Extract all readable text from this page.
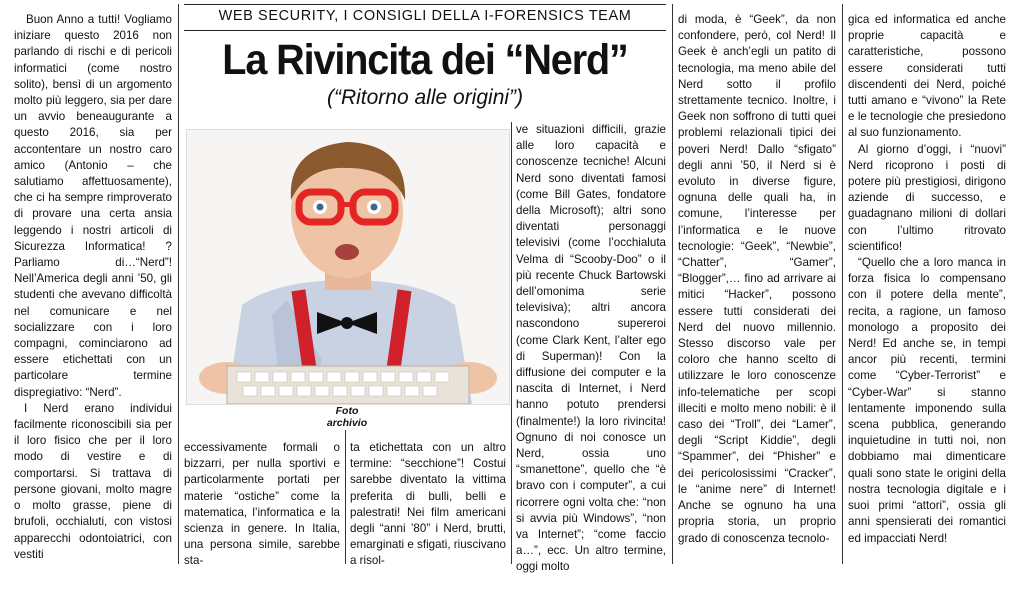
Buon Anno a tutti! Vogliamo iniziare questo 2016 non parlando di rischi e di pericoli informatici (come nostro solito), bensì di un argomento molto più leggero, sia per dare un avvio beneaugurante a questo 2016, sia per accontentare un nostro caro amico (Antonio – che salutiamo affettuosamente), che ci ha sempre rimproverato di provare una certa ansia leggendo i nostri articoli di Sicurezza Informatica! ? Parliamo di…“Nerd”! Nell’America degli anni ’50, gli studenti che avevano difficoltà nel comunicare e nel socializzare con i loro compagni, cominciarono ad essere etichettati con un particolare termine dispregiativo: “Nerd”.

I Nerd erano individui facilmente riconoscibili sia per il loro fisico che per il loro modo di vestire e di comportarsi. Si trattava di persone giovani, molto magre o molto grasse, piene di brufoli, occhialuti, con vistosi apparecchi odontoiatrici, con vestiti

WEB SECURITY, I CONSIGLI DELLA I-FORENSICS TEAM
La Rivincita dei “Nerd”
(“Ritorno alle origini”)
Foto
archivio

eccessivamente formali o bizzarri, per nulla sportivi e particolarmente portati per materie “ostiche” come la matematica, l’informatica e la scienza in genere. In Italia, una persona simile, sarebbe sta-

ta etichettata con un altro termine: “secchione”! Costui sarebbe diventato la vittima preferita di bulli, belli e palestrati! Nei film americani degli “anni ’80” i Nerd, brutti, emarginati e sfigati, riuscivano a risol-

ve situazioni difficili, grazie alle loro capacità e conoscenze tecniche! Alcuni Nerd sono diventati famosi (come Bill Gates, fondatore della Microsoft); altri sono diventati personaggi televisivi (come l’occhialuta Velma di “Scooby-Doo” o il più recente Chuck Bartowski dell’omonima serie televisiva); altri ancora nascondono supereroi (come Clark Kent, l’alter ego di Superman)! Con la diffusione dei computer e la nascita di Internet, i Nerd hanno potuto prendersi (finalmente!) la loro rivincita! Ognuno di noi conosce un Nerd, ossia uno “smanettone”, quello che “è bravo con i computer”, a cui ricorrere ogni volta che: “non si avvia più Windows”, “non va Internet”; “come faccio a…”, ecc. Un altro termine, oggi molto

di moda, è “Geek”, da non confondere, però, col Nerd! Il Geek è anch’egli un patito di tecnologia, ma meno abile del Nerd sotto il profilo strettamente tecnico. Inoltre, i Geek non soffrono di tutti quei problemi relazionali tipici dei poveri Nerd! Dallo “sfigato” degli anni ’50, il Nerd si è evoluto in diverse figure, ognuna delle quali ha, in comune, l’interesse per l’informatica e le nuove tecnologie: “Geek”, “Newbie”, “Chatter”, “Gamer”, “Blogger”,… fino ad arrivare ai mitici “Hacker”, possono essere tutti considerati dei Nerd del nuovo millennio. Stesso discorso vale per coloro che hanno scelto di utilizzare le loro conoscenze info-telematiche per scopi illeciti e molto meno nobili: è il caso dei “Troll”, dei “Lamer”, degli “Script Kiddie”, degli “Spammer”, dei “Phisher” e dei pericolosissimi “Cracker”, le “anime nere” di Internet! Anche se ognuno ha una propria storia, un proprio grado di conoscenza tecnolo-

gica ed informatica ed anche proprie capacità e caratteristiche, possono essere considerati tutti discendenti dei Nerd, poiché tutti amano e “vivono” la Rete e le tecnologie che presiedono al suo funzionamento.

Al giorno d’oggi, i “nuovi” Nerd ricoprono i posti di potere più prestigiosi, dirigono aziende di successo, e guadagnano milioni di dollari con l’ultimo ritrovato scientifico!

“Quello che a loro manca in forza fisica lo compensano con il potere della mente”, recita, a ragione, un famoso monologo a proposito dei Nerd! Ed anche se, in tempi ancor più recenti, termini come “Cyber-Terrorist” e “Cyber-War” si stanno lentamente imponendo sulla scena pubblica, generando inquietudine in tutti noi, non dobbiamo mai dimenticare quali sono state le origini della nostra tecnologia digitale e i suoi primi “attori”, ossia gli anni spensierati dei romantici ed impacciati Nerd!
